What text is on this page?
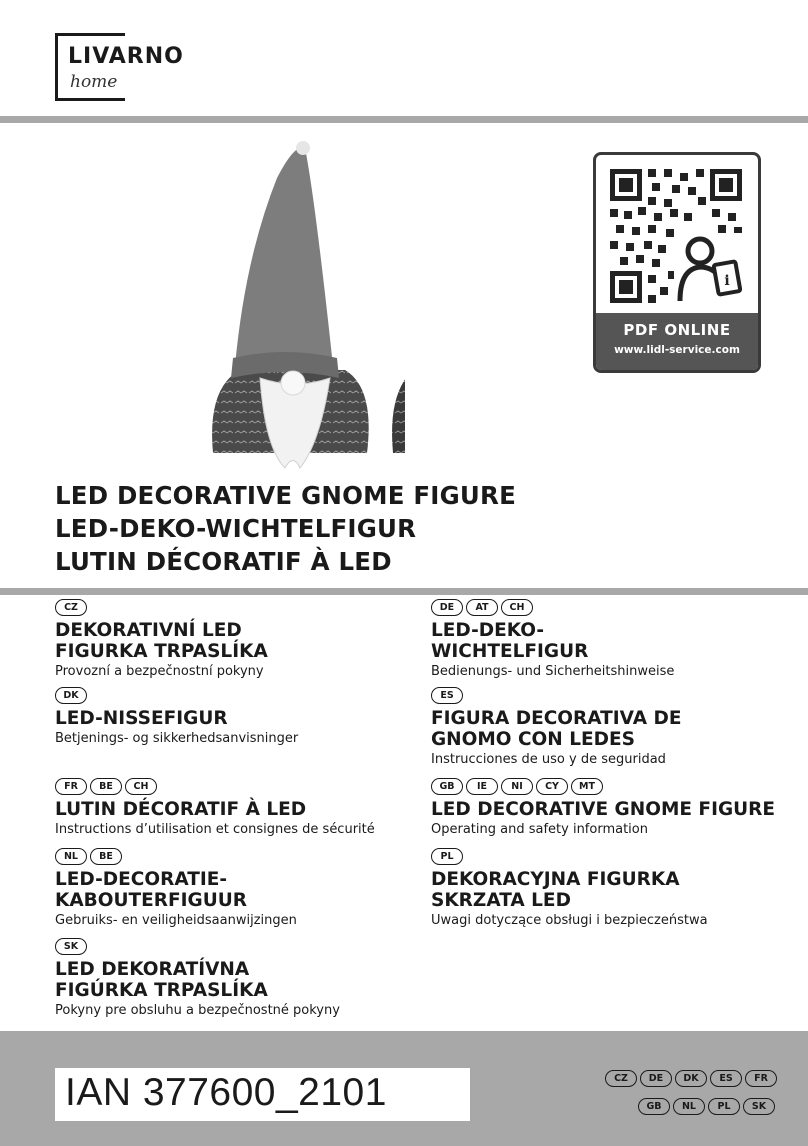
LIVARNO
home
i
PDF ONLINE
www.lidl-service.com
LED DECORATIVE GNOME FIGURE
LED-DEKO-WICHTELFIGUR
LUTIN DÉCORATIF À LED
CZ
DEKORATIVNÍ LED
FIGURKA TRPASLÍKA
Provozní a bezpečnostní pokyny
DK
LED-NISSEFIGUR
Betjenings- og sikkerhedsanvisninger
FR	BE	CH
LUTIN DÉCORATIF À LED
Instructions d’utilisation et consignes de sécurité
NL	BE
LED-DECORATIE-
KABOUTERFIGUUR
Gebruiks- en veiligheidsaanwijzingen
SK
LED DEKORATÍVNA
FIGÚRKA TRPASLÍKA
Pokyny pre obsluhu a bezpečnostné pokyny
DE	AT	CH
LED-DEKO-
WICHTELFIGUR
Bedienungs- und Sicherheitshinweise
ES
FIGURA DECORATIVA DE
GNOMO CON LEDES
Instrucciones de uso y de seguridad
GB	IE	NI	CY	MT
LED DECORATIVE GNOME FIGURE
Operating and safety information
PL
DEKORACYJNA FIGURKA
SKRZATA LED
Uwagi dotyczące obsługi i bezpieczeństwa
IAN 377600_2101	CZ	DE	DK	ES	FR
GB	NL	PL	SK
